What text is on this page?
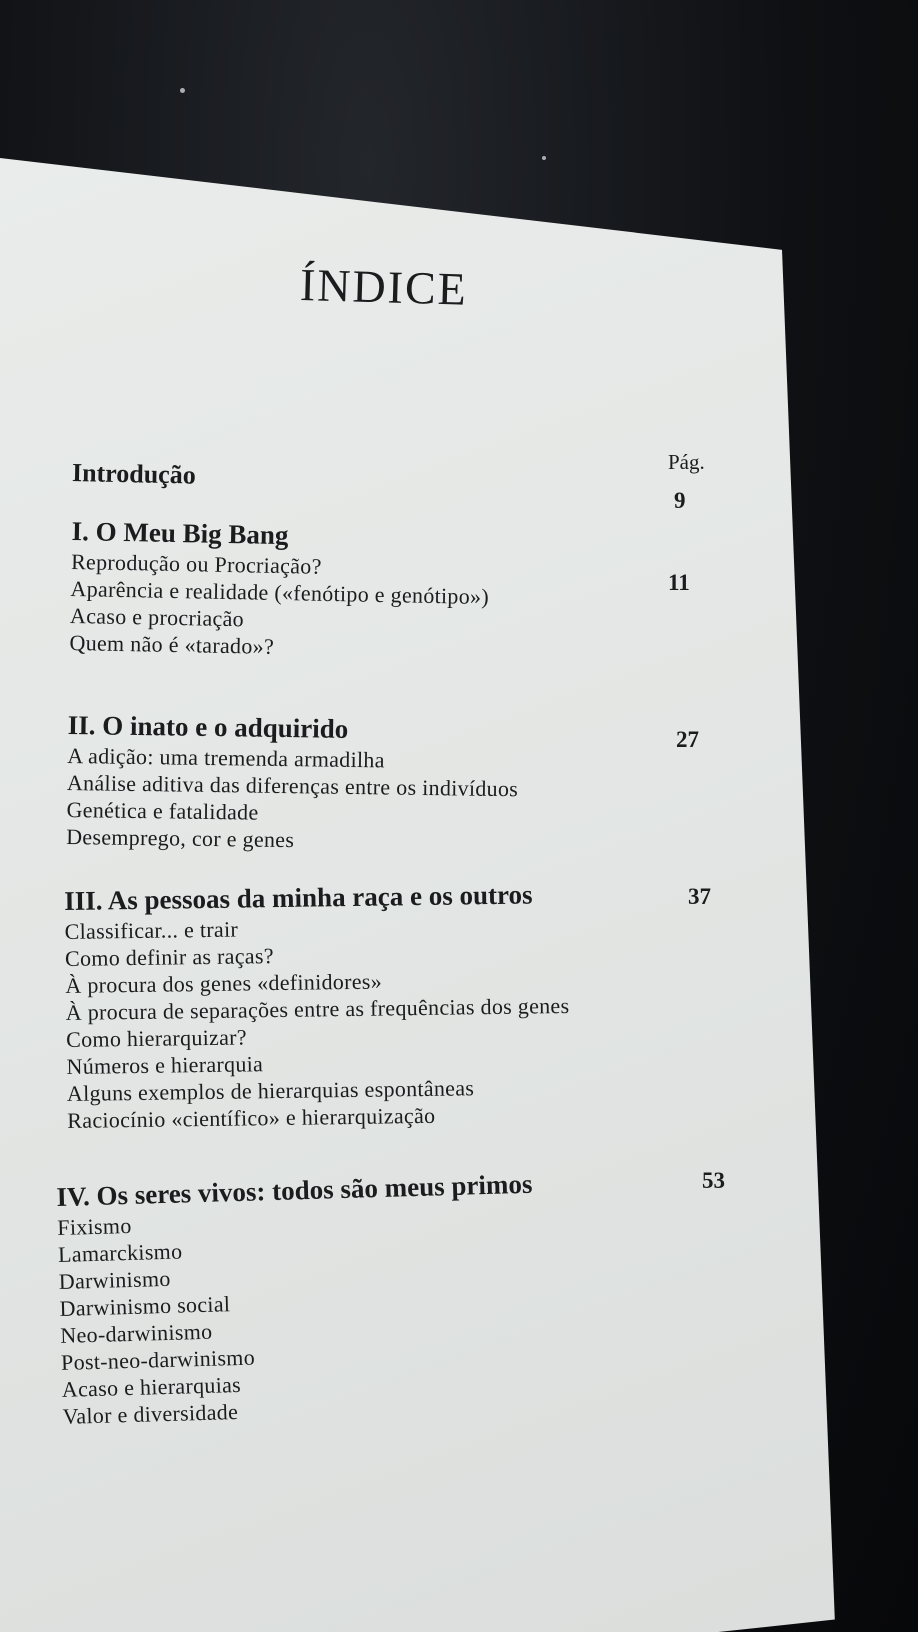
ÍNDICE
Pág.
Introdução
9
I. O Meu Big Bang
Reprodução ou Procriação?
Aparência e realidade («fenótipo e genótipo»)
Acaso e procriação
Quem não é «tarado»?
11
II. O inato e o adquirido
A adição: uma tremenda armadilha
Análise aditiva das diferenças entre os indivíduos
Genética e fatalidade
Desemprego, cor e genes
27
III. As pessoas da minha raça e os outros
Classificar... e trair
Como definir as raças?
À procura dos genes «definidores»
À procura de separações entre as frequências dos genes
Como hierarquizar?
Números e hierarquia
Alguns exemplos de hierarquias espontâneas
Raciocínio «científico» e hierarquização
37
IV. Os seres vivos: todos são meus primos
Fixismo
Lamarckismo
Darwinismo
Darwinismo social
Neo-darwinismo
Post-neo-darwinismo
Acaso e hierarquias
Valor e diversidade
53
